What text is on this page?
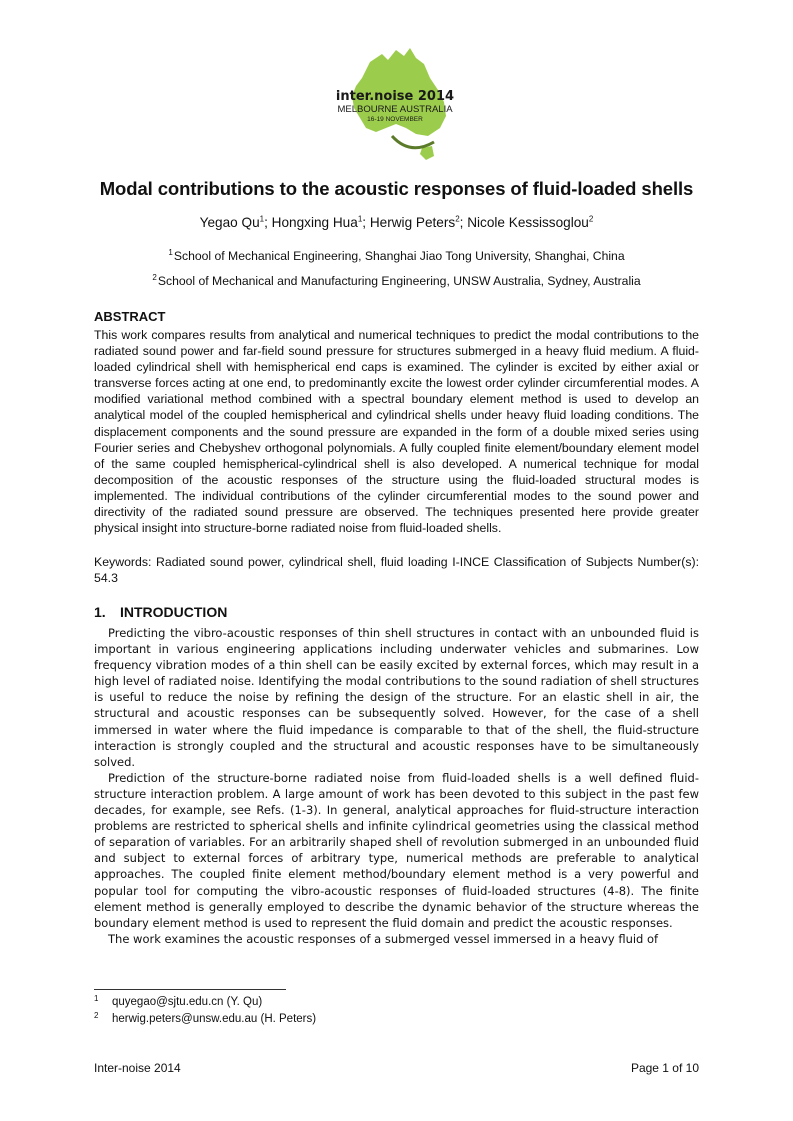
inter.noise 2014
MELBOURNE AUSTRALIA
16-19 NOVEMBER
Modal contributions to the acoustic responses of fluid-loaded shells
Yegao Qu$^1$; Hongxing Hua$^1$; Herwig Peters$^2$; Nicole Kessissoglou$^2$
$^1$ School of Mechanical Engineering, Shanghai Jiao Tong University, Shanghai, China
$^2$ School of Mechanical and Manufacturing Engineering, UNSW Australia, Sydney, Australia
ABSTRACT
This work compares results from analytical and numerical techniques to predict the modal contributions to the radiated sound power and far-field sound pressure for structures submerged in a heavy fluid medium. A fluid-loaded cylindrical shell with hemispherical end caps is examined. The cylinder is excited by either axial or transverse forces acting at one end, to predominantly excite the lowest order cylinder circumferential modes. A modified variational method combined with a spectral boundary element method is used to develop an analytical model of the coupled hemispherical and cylindrical shells under heavy fluid loading conditions. The displacement components and the sound pressure are expanded in the form of a double mixed series using Fourier series and Chebyshev orthogonal polynomials. A fully coupled finite element/boundary element model of the same coupled hemispherical-cylindrical shell is also developed. A numerical technique for modal decomposition of the acoustic responses of the structure using the fluid-loaded structural modes is implemented. The individual contributions of the cylinder circumferential modes to the sound power and directivity of the radiated sound pressure are observed. The techniques presented here provide greater physical insight into structure-borne radiated noise from fluid-loaded shells.
Keywords: Radiated sound power, cylindrical shell, fluid loading I-INCE Classification of Subjects Number(s): 54.3
1. INTRODUCTION

Predicting the vibro-acoustic responses of thin shell structures in contact with an unbounded fluid is important in various engineering applications including underwater vehicles and submarines. Low frequency vibration modes of a thin shell can be easily excited by external forces, which may result in a high level of radiated noise. Identifying the modal contributions to the sound radiation of shell structures is useful to reduce the noise by refining the design of the structure. For an elastic shell in air, the structural and acoustic responses can be subsequently solved. However, for the case of a shell immersed in water where the fluid impedance is comparable to that of the shell, the fluid-structure interaction is strongly coupled and the structural and acoustic responses have to be simultaneously solved.

Prediction of the structure-borne radiated noise from fluid-loaded shells is a well defined fluid-structure interaction problem. A large amount of work has been devoted to this subject in the past few decades, for example, see Refs. (1-3). In general, analytical approaches for fluid-structure interaction problems are restricted to spherical shells and infinite cylindrical geometries using the classical method of separation of variables. For an arbitrarily shaped shell of revolution submerged in an unbounded fluid and subject to external forces of arbitrary type, numerical methods are preferable to analytical approaches. The coupled finite element method/boundary element method is a very powerful and popular tool for computing the vibro-acoustic responses of fluid-loaded structures (4-8). The finite element method is generally employed to describe the dynamic behavior of the structure whereas the boundary element method is used to represent the fluid domain and predict the acoustic responses.

The work examines the acoustic responses of a submerged vessel immersed in a heavy fluid of

1 quyegao@sjtu.edu.cn (Y. Qu)
2 herwig.peters@unsw.edu.au (H. Peters)
Inter-noise 2014	Page 1 of 10
